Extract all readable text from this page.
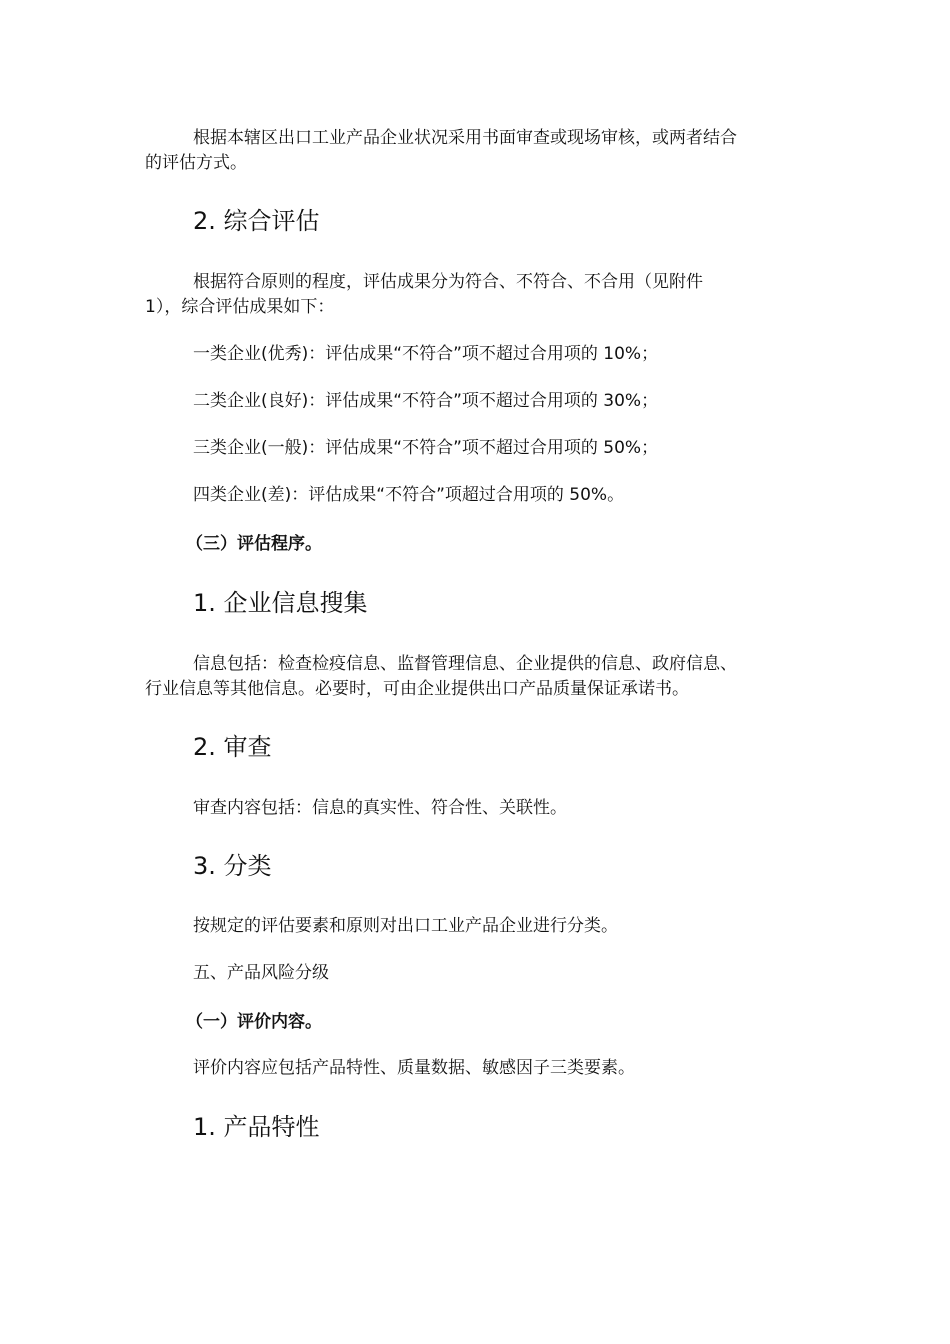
根据本辖区出口工业产品企业状况采用书面审查或现场审核，或两者结合
的评估方式。
2. 综合评估
根据符合原则的程度，评估成果分为符合、不符合、不合用（见附件
1），综合评估成果如下：
一类企业(优秀)：评估成果“不符合”项不超过合用项的 10%；
二类企业(良好)：评估成果“不符合”项不超过合用项的 30%；
三类企业(一般)：评估成果“不符合”项不超过合用项的 50%；
四类企业(差)：评估成果“不符合”项超过合用项的 50%。
（三）评估程序。
1. 企业信息搜集
信息包括：检查检疫信息、监督管理信息、企业提供的信息、政府信息、
行业信息等其他信息。必要时，可由企业提供出口产品质量保证承诺书。
2. 审查
审查内容包括：信息的真实性、符合性、关联性。
3. 分类
按规定的评估要素和原则对出口工业产品企业进行分类。
五、产品风险分级
（一）评价内容。
评价内容应包括产品特性、质量数据、敏感因子三类要素。
1. 产品特性
